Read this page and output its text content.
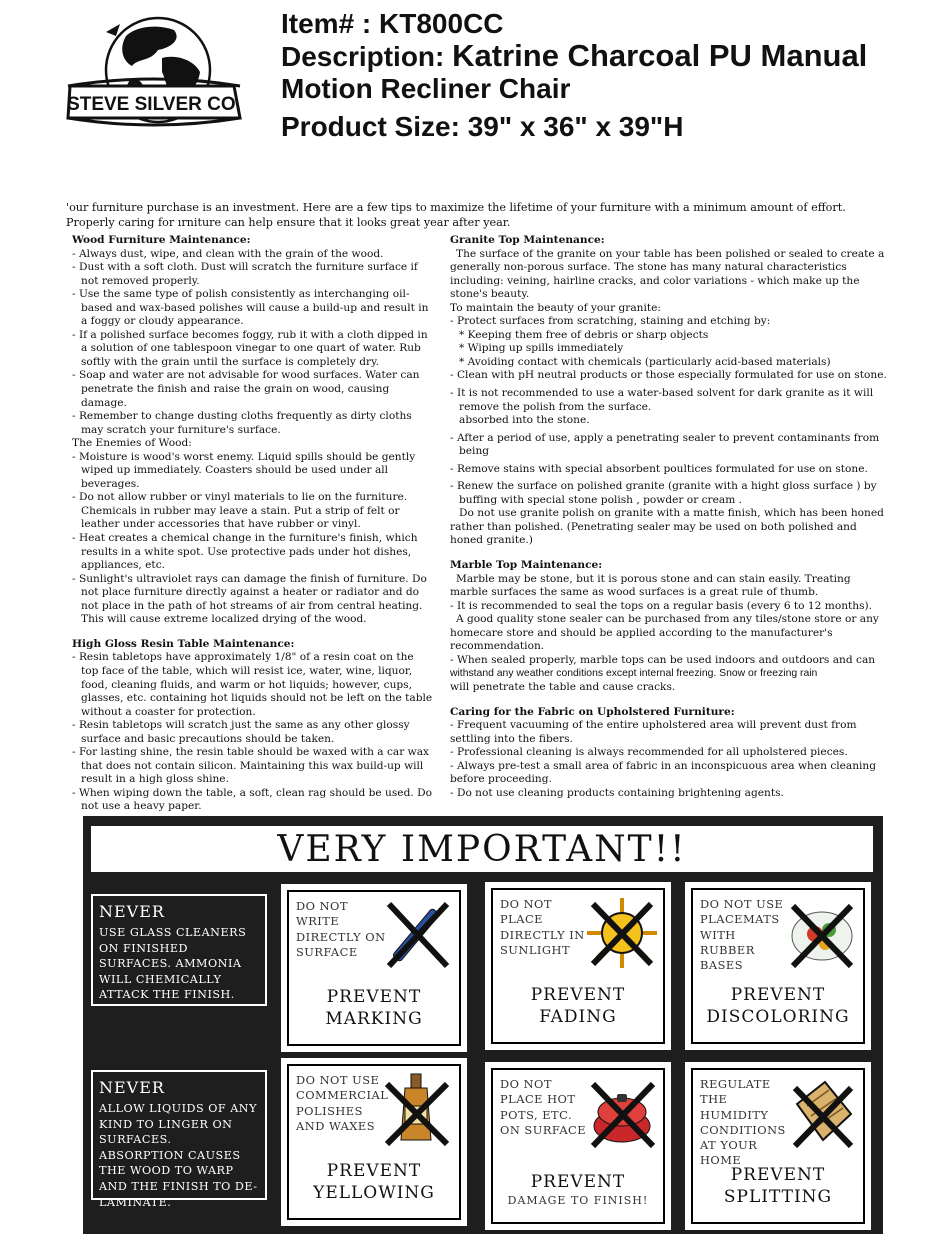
STEVE SILVER CO.
Item# : KT800CC
Description: Katrine Charcoal PU Manual
Motion Recliner Chair
Product Size: 39" x 36" x 39"H
'our furniture purchase is an investment. Here are a few tips to maximize the lifetime of your furniture with a minimum amount of effort. Properly caring for ırniture can help ensure that it looks great year after year.
Wood Furniture Maintenance:
- Always dust, wipe, and clean with the grain of the wood.
- Dust with a soft cloth. Dust will scratch the furniture surface if not removed properly.
- Use the same type of polish consistently as interchanging oil-based and wax-based polishes will cause a build-up and result in a foggy or cloudy appearance.
- If a polished surface becomes foggy, rub it with a cloth dipped in a solution of one tablespoon vinegar to one quart of water. Rub softly with the grain until the surface is completely dry.
- Soap and water are not advisable for wood surfaces. Water can penetrate the finish and raise the grain on wood, causing damage.
- Remember to change dusting cloths frequently as dirty cloths may scratch your furniture's surface.
The Enemies of Wood:
- Moisture is wood's worst enemy. Liquid spills should be gently wiped up immediately. Coasters should be used under all beverages.
- Do not allow rubber or vinyl materials to lie on the furniture. Chemicals in rubber may leave a stain. Put a strip of felt or leather under accessories that have rubber or vinyl.
- Heat creates a chemical change in the furniture's finish, which results in a white spot. Use protective pads under hot dishes, appliances, etc.
- Sunlight's ultraviolet rays can damage the finish of furniture. Do not place furniture directly against a heater or radiator and do not place in the path of hot streams of air from central heating. This will cause extreme localized drying of the wood.
High Gloss Resin Table Maintenance:
- Resin tabletops have approximately 1/8" of a resin coat on the top face of the table, which will resist ice, water, wine, liquor, food, cleaning fluids, and warm or hot liquids; however, cups, glasses, etc. containing hot liquids should not be left on the table without a coaster for protection.
- Resin tabletops will scratch just the same as any other glossy surface and basic precautions should be taken.
- For lasting shine, the resin table should be waxed with a car wax that does not contain silicon. Maintaining this wax build-up will result in a high gloss shine.
- When wiping down the table, a soft, clean rag should be used. Do not use a heavy paper.
Granite Top Maintenance:
The surface of the granite on your table has been polished or sealed to create a generally non-porous surface. The stone has many natural characteristics including: veining, hairline cracks, and color variations - which make up the stone's beauty.
To maintain the beauty of your granite:
- Protect surfaces from scratching, staining and etching by:
* Keeping them free of debris or sharp objects
* Wiping up spills immediately
* Avoiding contact with chemicals (particularly acid-based materials)
- Clean with pH neutral products or those especially formulated for use on stone.
- It is not recommended to use a water-based solvent for dark granite as it will remove the polish from the surface.
absorbed into the stone.
- After a period of use, apply a penetrating sealer to prevent contaminants from being
- Remove stains with special absorbent poultices formulated for use on stone.
- Renew the surface on polished granite (granite with a hight gloss surface ) by buffing with special stone polish , powder or cream .
Do not use granite polish on granite with a matte finish, which has been honed rather than polished. (Penetrating sealer may be used on both polished and honed granite.)
Marble Top Maintenance:
Marble may be stone, but it is porous stone and can stain easily. Treating marble surfaces the same as wood surfaces is a great rule of thumb.
- It is recommended to seal the tops on a regular basis (every 6 to 12 months).
A good quality stone sealer can be purchased from any tiles/stone store or any homecare store and should be applied according to the manufacturer's recommendation.
- When sealed properly, marble tops can be used indoors and outdoors and can
withstand any weather conditions except internal freezing. Snow or freezing rain
will penetrate the table and cause cracks.
Caring for the Fabric on Upholstered Furniture:
- Frequent vacuuming of the entire upholstered area will prevent dust from settling into the fibers.
- Professional cleaning is always recommended for all upholstered pieces.
- Always pre-test a small area of fabric in an inconspicuous area when cleaning before proceeding.
- Do not use cleaning products containing brightening agents.
VERY IMPORTANT!!
NEVER
USE GLASS CLEANERS ON FINISHED SURFACES. AMMONIA WILL CHEMICALLY ATTACK THE FINISH.
NEVER
ALLOW LIQUIDS OF ANY KIND TO LINGER ON SURFACES. ABSORPTION CAUSES THE WOOD TO WARP AND THE FINISH TO DE-LAMINATE.
DO NOT WRITE DIRECTLY ON SURFACE
PREVENT
MARKING
DO NOT PLACE DIRECTLY IN SUNLIGHT
PREVENT
FADING
DO NOT USE PLACEMATS WITH RUBBER BASES
PREVENT
DISCOLORING
DO NOT USE COMMERCIAL POLISHES AND WAXES
PREVENT
YELLOWING
DO NOT PLACE HOT POTS, ETC. ON SURFACE
PREVENT
DAMAGE TO FINISH!
REGULATE THE HUMIDITY CONDITIONS AT YOUR HOME
PREVENT
SPLITTING
